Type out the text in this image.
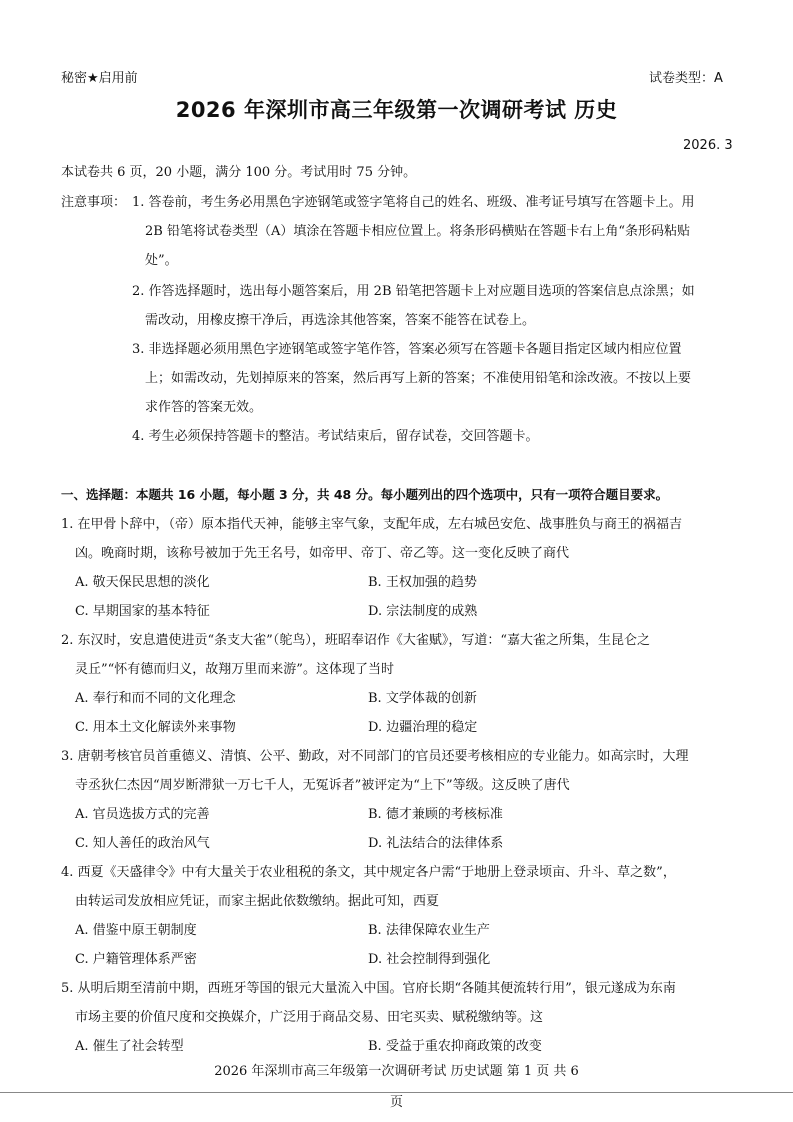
秘密★启用前	试卷类型：A
2026 年深圳市高三年级第一次调研考试 历史
2026. 3
本试卷共 6 页，20 小题，满分 100 分。考试用时 75 分钟。
注意事项： 1. 答卷前，考生务必用黑色字迹钢笔或签字笔将自己的姓名、班级、准考证号填写在答题卡上。用
2B 铅笔将试卷类型（A）填涂在答题卡相应位置上。将条形码横贴在答题卡右上角“条形码粘贴
处”。
2. 作答选择题时，选出每小题答案后，用 2B 铅笔把答题卡上对应题目选项的答案信息点涂黑；如
需改动，用橡皮擦干净后，再选涂其他答案，答案不能答在试卷上。
3. 非选择题必须用黑色字迹钢笔或签字笔作答，答案必须写在答题卡各题目指定区域内相应位置
上；如需改动，先划掉原来的答案，然后再写上新的答案；不准使用铅笔和涂改液。不按以上要
求作答的答案无效。
4. 考生必须保持答题卡的整洁。考试结束后，留存试卷，交回答题卡。
一、选择题：本题共 16 小题，每小题 3 分，共 48 分。每小题列出的四个选项中，只有一项符合题目要求。
1. 在甲骨卜辞中，（帝）原本指代天神，能够主宰气象，支配年成，左右城邑安危、战事胜负与商王的祸福吉
凶。晚商时期，该称号被加于先王名号，如帝甲、帝丁、帝乙等。这一变化反映了商代
A. 敬天保民思想的淡化	B. 王权加强的趋势
C. 早期国家的基本特征	D. 宗法制度的成熟
2. 东汉时，安息遣使进贡“条支大雀”（鸵鸟），班昭奉诏作《大雀赋》，写道：“嘉大雀之所集，生昆仑之
灵丘”“怀有德而归义，故翔万里而来游”。这体现了当时
A. 奉行和而不同的文化理念	B. 文学体裁的创新
C. 用本土文化解读外来事物	D. 边疆治理的稳定
3. 唐朝考核官员首重德义、清慎、公平、勤政，对不同部门的官员还要考核相应的专业能力。如高宗时，大理
寺丞狄仁杰因“周岁断滞狱一万七千人，无冤诉者”被评定为“上下”等级。这反映了唐代
A. 官员选拔方式的完善	B. 德才兼顾的考核标准
C. 知人善任的政治风气	D. 礼法结合的法律体系
4. 西夏《天盛律令》中有大量关于农业租税的条文，其中规定各户需“于地册上登录顷亩、升斗、草之数”，
由转运司发放相应凭证，而家主据此依数缴纳。据此可知，西夏
A. 借鉴中原王朝制度	B. 法律保障农业生产
C. 户籍管理体系严密	D. 社会控制得到强化
5. 从明后期至清前中期，西班牙等国的银元大量流入中国。官府长期“各随其便流转行用”，银元遂成为东南
市场主要的价值尺度和交换媒介，广泛用于商品交易、田宅买卖、赋税缴纳等。这
A. 催生了社会转型	B. 受益于重农抑商政策的改变
2026 年深圳市高三年级第一次调研考试 历史试题 第 1 页 共 6
页
